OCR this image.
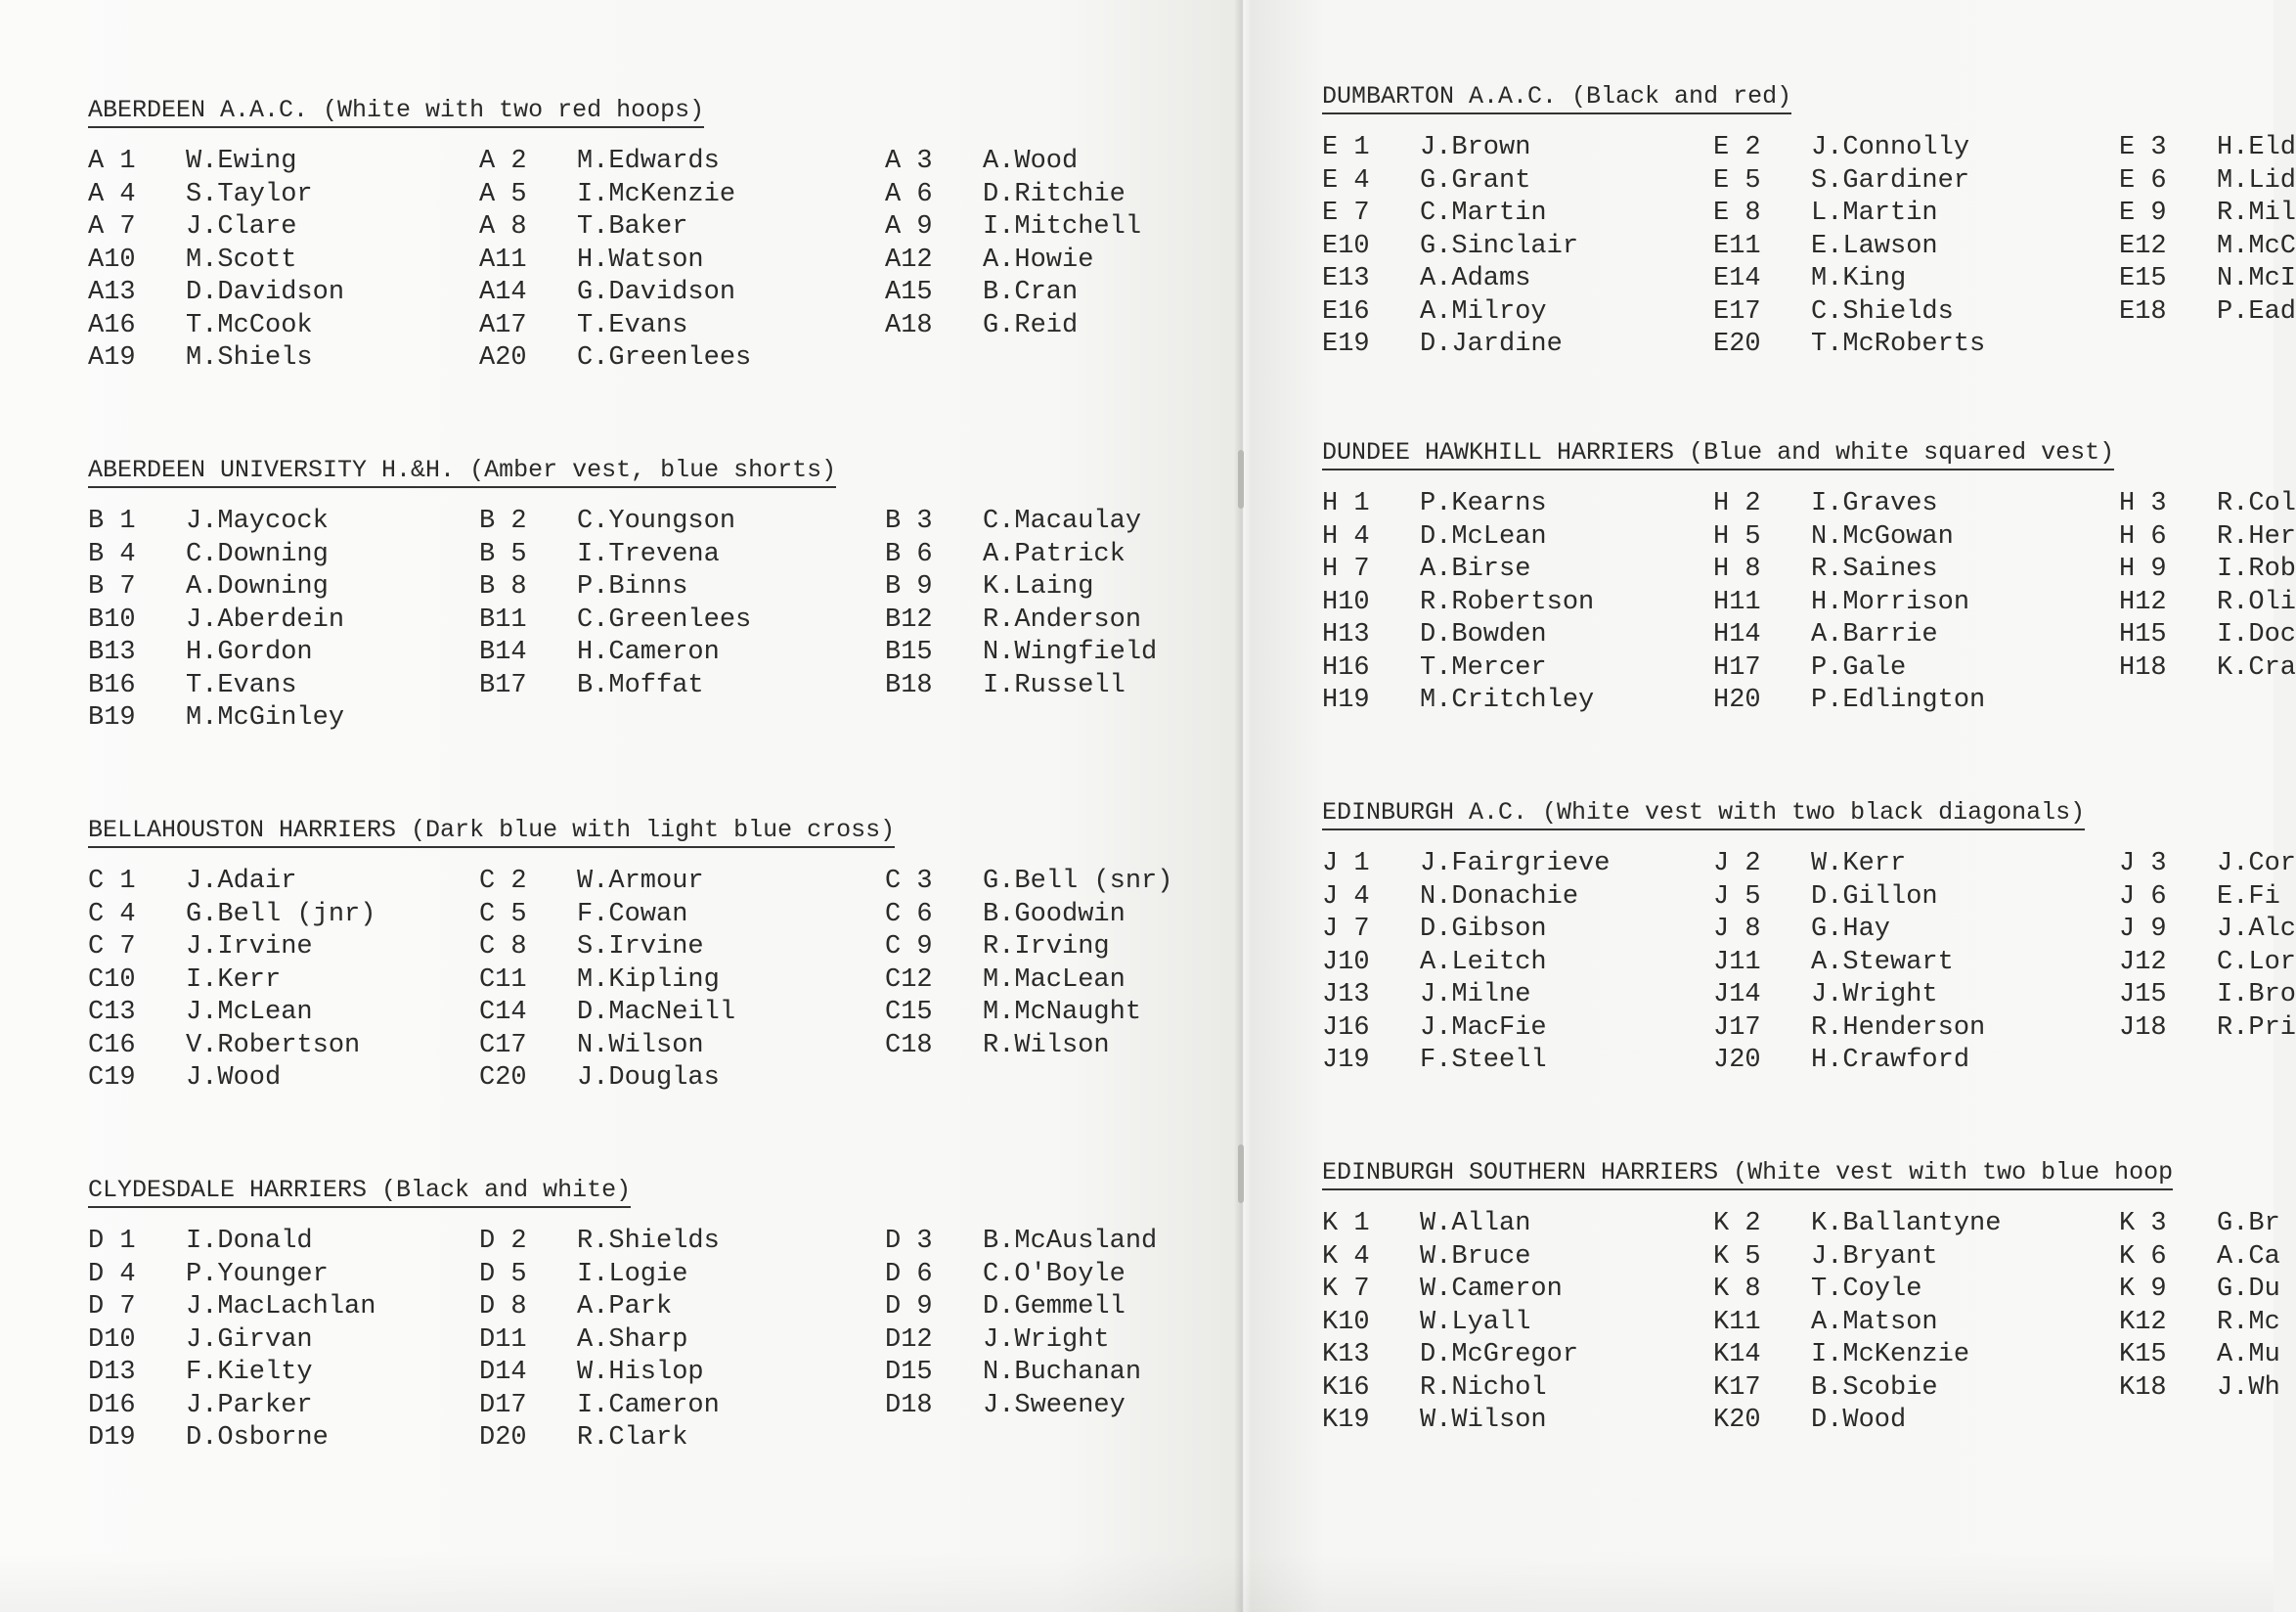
ABERDEEN A.A.C. (White with two red hoops)
A 1 W.Ewing
A 4 S.Taylor
A 7 J.Clare
A10 M.Scott
A13 D.Davidson
A16 T.McCook
A19 M.Shiels
A 2 M.Edwards
A 5 I.McKenzie
A 8 T.Baker
A11 H.Watson
A14 G.Davidson
A17 T.Evans
A20 C.Greenlees
A 3 A.Wood
A 6 D.Ritchie
A 9 I.Mitchell
A12 A.Howie
A15 B.Cran
A18 G.Reid
ABERDEEN UNIVERSITY H.&H. (Amber vest, blue shorts)
B 1 J.Maycock
B 4 C.Downing
B 7 A.Downing
B10 J.Aberdein
B13 H.Gordon
B16 T.Evans
B19 M.McGinley
B 2 C.Youngson
B 5 I.Trevena
B 8 P.Binns
B11 C.Greenlees
B14 H.Cameron
B17 B.Moffat
B 3 C.Macaulay
B 6 A.Patrick
B 9 K.Laing
B12 R.Anderson
B15 N.Wingfield
B18 I.Russell
BELLAHOUSTON HARRIERS (Dark blue with light blue cross)
C 1 J.Adair
C 4 G.Bell (jnr)
C 7 J.Irvine
C10 I.Kerr
C13 J.McLean
C16 V.Robertson
C19 J.Wood
C 2 W.Armour
C 5 F.Cowan
C 8 S.Irvine
C11 M.Kipling
C14 D.MacNeill
C17 N.Wilson
C20 J.Douglas
C 3 G.Bell (snr)
C 6 B.Goodwin
C 9 R.Irving
C12 M.MacLean
C15 M.McNaught
C18 R.Wilson
CLYDESDALE HARRIERS (Black and white)
D 1 I.Donald
D 4 P.Younger
D 7 J.MacLachlan
D10 J.Girvan
D13 F.Kielty
D16 J.Parker
D19 D.Osborne
D 2 R.Shields
D 5 I.Logie
D 8 A.Park
D11 A.Sharp
D14 W.Hislop
D17 I.Cameron
D20 R.Clark
D 3 B.McAusland
D 6 C.O'Boyle
D 9 D.Gemmell
D12 J.Wright
D15 N.Buchanan
D18 J.Sweeney
DUMBARTON A.A.C. (Black and red)
E 1 J.Brown
E 4 G.Grant
E 7 C.Martin
E10 G.Sinclair
E13 A.Adams
E16 A.Milroy
E19 D.Jardine
E 2 J.Connolly
E 5 S.Gardiner
E 8 L.Martin
E11 E.Lawson
E14 M.King
E17 C.Shields
E20 T.McRoberts
E 3 H.Eld
E 6 M.Lid
E 9 R.Mil
E12 M.McC
E15 N.McI
E18 P.Ead
DUNDEE HAWKHILL HARRIERS (Blue and white squared vest)
H 1 P.Kearns
H 4 D.McLean
H 7 A.Birse
H10 R.Robertson
H13 D.Bowden
H16 T.Mercer
H19 M.Critchley
H 2 I.Graves
H 5 N.McGowan
H 8 R.Saines
H11 H.Morrison
H14 A.Barrie
H17 P.Gale
H20 P.Edlington
H 3 R.Col
H 6 R.Her
H 9 I.Rob
H12 R.Oli
H15 I.Doc
H18 K.Cra
EDINBURGH A.C. (White vest with two black diagonals)
J 1 J.Fairgrieve
J 4 N.Donachie
J 7 D.Gibson
J10 A.Leitch
J13 J.Milne
J16 J.MacFie
J19 F.Steell
J 2 W.Kerr
J 5 D.Gillon
J 8 G.Hay
J11 A.Stewart
J14 J.Wright
J17 R.Henderson
J20 H.Crawford
J 3 J.Cor
J 6 E.Fi
J 9 J.Alc
J12 C.Lor
J15 I.Bro
J18 R.Pri
EDINBURGH SOUTHERN HARRIERS (White vest with two blue hoop
K 1 W.Allan
K 4 W.Bruce
K 7 W.Cameron
K10 W.Lyall
K13 D.McGregor
K16 R.Nichol
K19 W.Wilson
K 2 K.Ballantyne
K 5 J.Bryant
K 8 T.Coyle
K11 A.Matson
K14 I.McKenzie
K17 B.Scobie
K20 D.Wood
K 3 G.Br
K 6 A.Ca
K 9 G.Du
K12 R.Mc
K15 A.Mu
K18 J.Wh
